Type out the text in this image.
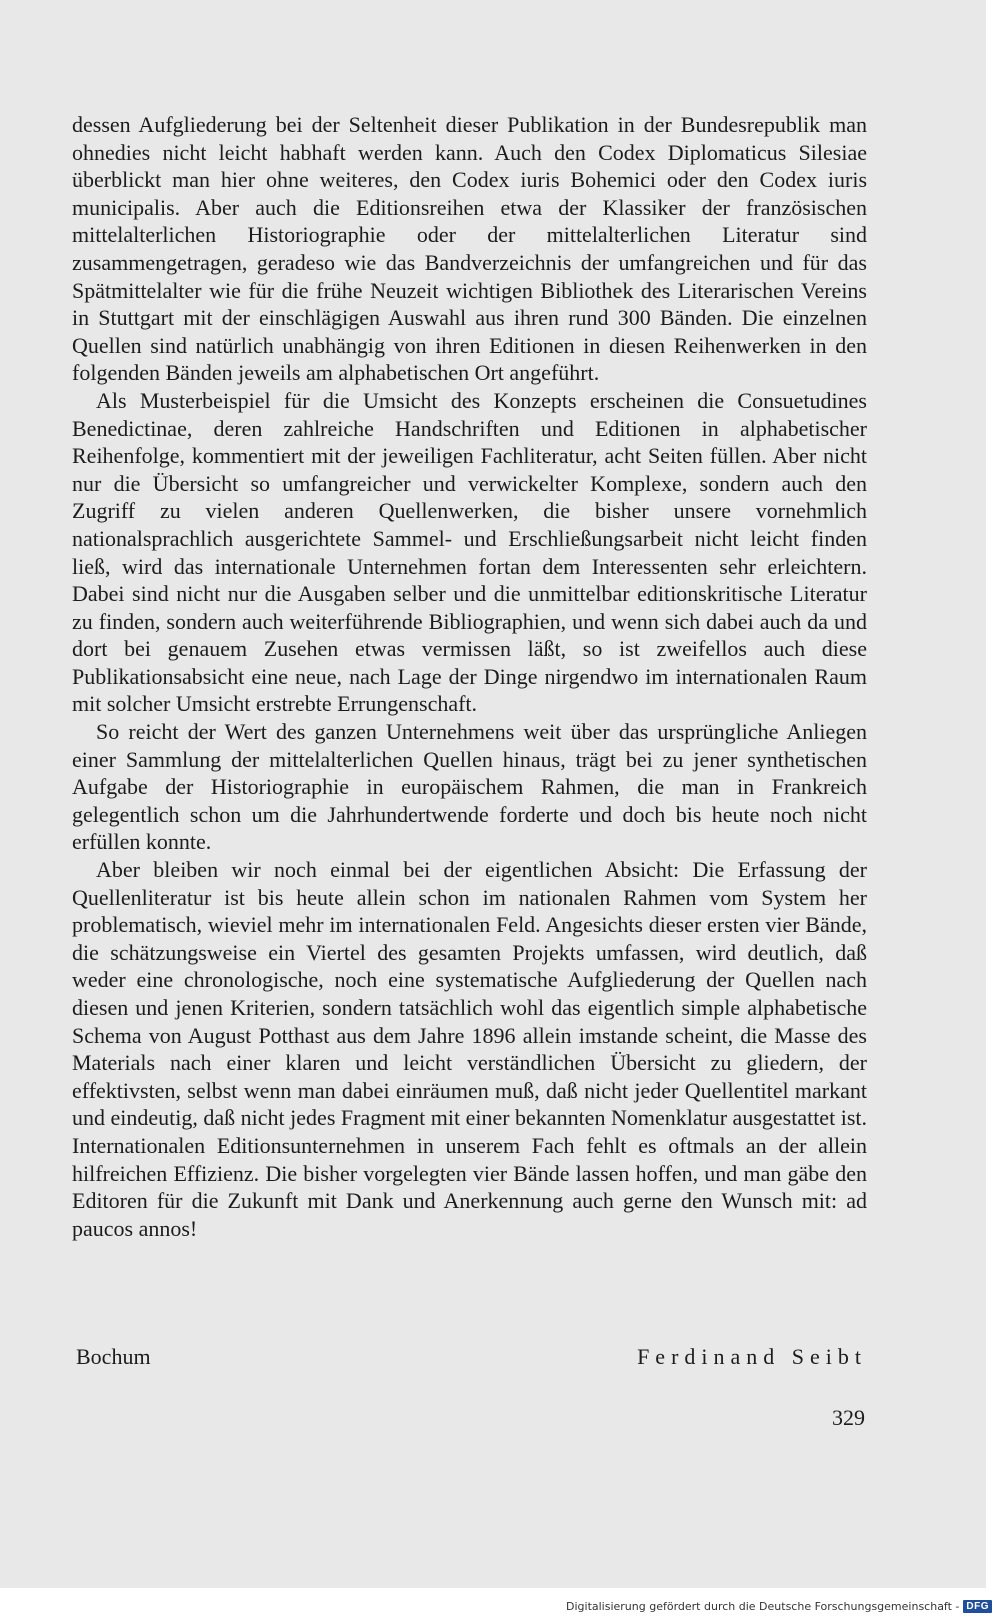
dessen Aufgliederung bei der Seltenheit dieser Publikation in der Bundesrepublik man ohnedies nicht leicht habhaft werden kann. Auch den Codex Diplomaticus Silesiae überblickt man hier ohne weiteres, den Codex iuris Bohemici oder den Codex iuris municipalis. Aber auch die Editionsreihen etwa der Klassiker der französischen mittelalterlichen Historiographie oder der mittelalterlichen Literatur sind zusammengetragen, geradeso wie das Bandverzeichnis der umfangreichen und für das Spätmittelalter wie für die frühe Neuzeit wichtigen Bibliothek des Literarischen Vereins in Stuttgart mit der einschlägigen Auswahl aus ihren rund 300 Bänden. Die einzelnen Quellen sind natürlich unabhängig von ihren Editionen in diesen Reihenwerken in den folgenden Bänden jeweils am alphabetischen Ort angeführt.

Als Musterbeispiel für die Umsicht des Konzepts erscheinen die Consuetudines Benedictinae, deren zahlreiche Handschriften und Editionen in alphabetischer Reihenfolge, kommentiert mit der jeweiligen Fachliteratur, acht Seiten füllen. Aber nicht nur die Übersicht so umfangreicher und verwickelter Komplexe, sondern auch den Zugriff zu vielen anderen Quellenwerken, die bisher unsere vornehmlich nationalsprachlich ausgerichtete Sammel- und Erschließungsarbeit nicht leicht finden ließ, wird das internationale Unternehmen fortan dem Interessenten sehr erleichtern. Dabei sind nicht nur die Ausgaben selber und die unmittelbar editionskritische Literatur zu finden, sondern auch weiterführende Bibliographien, und wenn sich dabei auch da und dort bei genauem Zusehen etwas vermissen läßt, so ist zweifellos auch diese Publikationsabsicht eine neue, nach Lage der Dinge nirgendwo im internationalen Raum mit solcher Umsicht erstrebte Errungenschaft.

So reicht der Wert des ganzen Unternehmens weit über das ursprüngliche Anliegen einer Sammlung der mittelalterlichen Quellen hinaus, trägt bei zu jener synthetischen Aufgabe der Historiographie in europäischem Rahmen, die man in Frankreich gelegentlich schon um die Jahrhundertwende forderte und doch bis heute noch nicht erfüllen konnte.

Aber bleiben wir noch einmal bei der eigentlichen Absicht: Die Erfassung der Quellenliteratur ist bis heute allein schon im nationalen Rahmen vom System her problematisch, wieviel mehr im internationalen Feld. Angesichts dieser ersten vier Bände, die schätzungsweise ein Viertel des gesamten Projekts umfassen, wird deutlich, daß weder eine chronologische, noch eine systematische Aufgliederung der Quellen nach diesen und jenen Kriterien, sondern tatsächlich wohl das eigentlich simple alphabetische Schema von August Potthast aus dem Jahre 1896 allein imstande scheint, die Masse des Materials nach einer klaren und leicht verständlichen Übersicht zu gliedern, der effektivsten, selbst wenn man dabei einräumen muß, daß nicht jeder Quellentitel markant und eindeutig, daß nicht jedes Fragment mit einer bekannten Nomenklatur ausgestattet ist. Internationalen Editionsunternehmen in unserem Fach fehlt es oftmals an der allein hilfreichen Effizienz. Die bisher vorgelegten vier Bände lassen hoffen, und man gäbe den Editoren für die Zukunft mit Dank und Anerkennung auch gerne den Wunsch mit: ad paucos annos!

Bochum	Ferdinand Seibt
329
Digitalisierung gefördert durch die Deutsche Forschungsgemeinschaft - DFG
